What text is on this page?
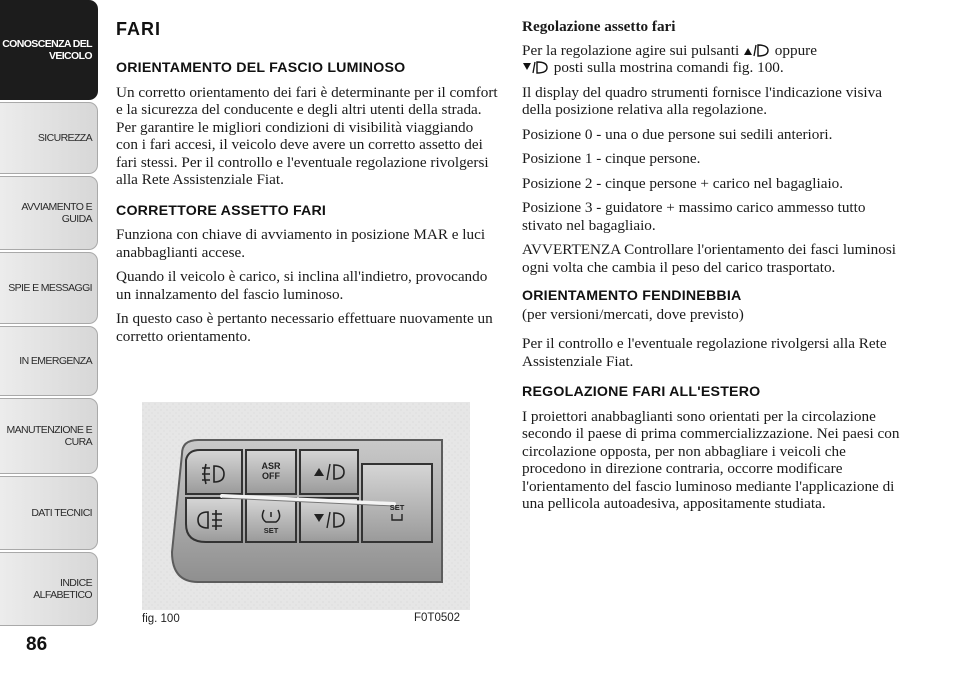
CONOSCENZA DEL
VEICOLO
SICUREZZA
AVVIAMENTO E
GUIDA
SPIE E MESSAGGI
IN EMERGENZA
MANUTENZIONE E
CURA
DATI TECNICI
INDICE ALFABETICO
86
FARI
ORIENTAMENTO DEL FASCIO LUMINOSO

Un corretto orientamento dei fari è determinante per il comfort e la sicurezza del conducente e degli altri utenti della strada. Per garantire le migliori condizioni di visibilità viaggiando con i fari accesi, il veicolo deve avere un corretto assetto dei fari stessi. Per il controllo e l'eventuale regolazione rivolgersi alla Rete Assistenziale Fiat.

CORRETTORE ASSETTO FARI

Funziona con chiave di avviamento in posizione MAR e luci anabbaglianti accese.

Quando il veicolo è carico, si inclina all'indietro, provocando un innalzamento del fascio luminoso.

In questo caso è pertanto necessario effettuare nuovamente un corretto orientamento.

ASR
OFF
SET
SET
fig. 100	F0T0502
Regolazione assetto fari

Per la regolazione agire sui pulsanti oppure
posti sulla mostrina comandi fig. 100.

Il display del quadro strumenti fornisce l'indicazione visiva della posizione relativa alla regolazione.

Posizione 0 - una o due persone sui sedili anteriori.

Posizione 1 - cinque persone.

Posizione 2 - cinque persone + carico nel bagagliaio.

Posizione 3 - guidatore + massimo carico ammesso tutto stivato nel bagagliaio.

AVVERTENZA Controllare l'orientamento dei fasci luminosi ogni volta che cambia il peso del carico trasportato.

ORIENTAMENTO FENDINEBBIA

(per versioni/mercati, dove previsto)

Per il controllo e l'eventuale regolazione rivolgersi alla Rete Assistenziale Fiat.

REGOLAZIONE FARI ALL'ESTERO

I proiettori anabbaglianti sono orientati per la circolazione secondo il paese di prima commercializzazione. Nei paesi con circolazione opposta, per non abbagliare i veicoli che procedono in direzione contraria, occorre modificare l'orientamento del fascio luminoso mediante l'applicazione di una pellicola autoadesiva, appositamente studiata.
